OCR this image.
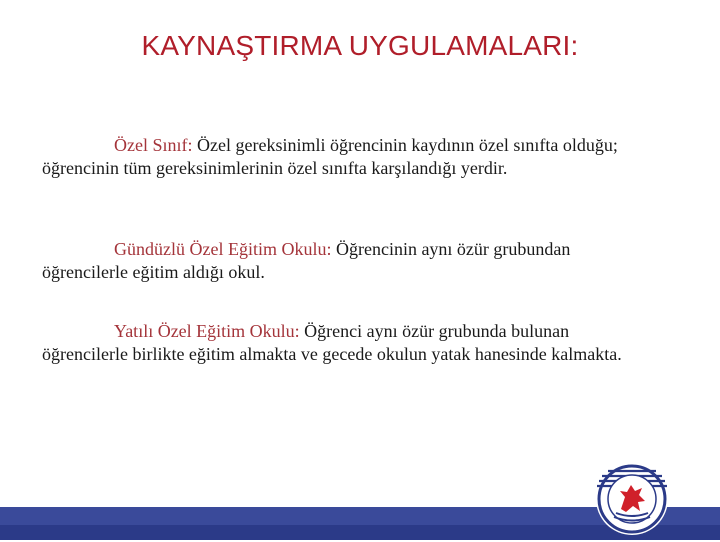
KAYNAŞTIRMA UYGULAMALARI:
Özel Sınıf: Özel gereksinimli öğrencinin kaydının özel sınıfta olduğu; öğrencinin tüm gereksinimlerinin özel sınıfta karşılandığı yerdir.
Gündüzlü Özel Eğitim Okulu: Öğrencinin aynı özür grubundan öğrencilerle eğitim aldığı okul.
Yatılı Özel Eğitim Okulu: Öğrenci aynı özür grubunda bulunan öğrencilerle birlikte eğitim almakta ve gecede okulun yatak hanesinde kalmakta.
